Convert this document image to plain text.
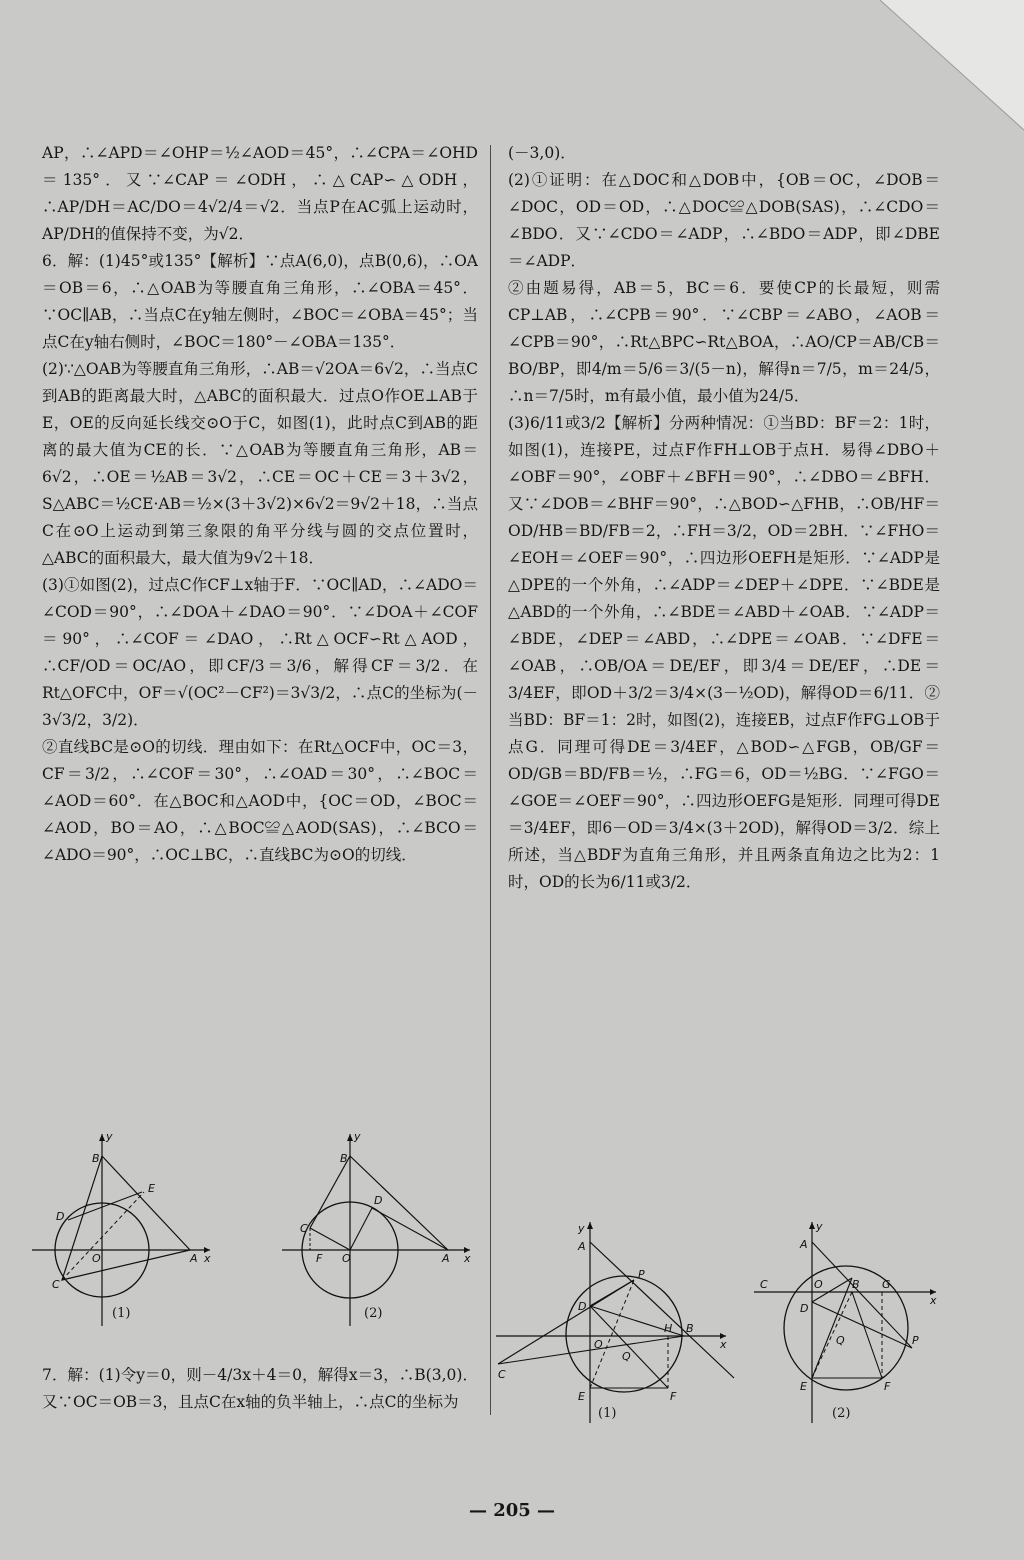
AP，∴∠APD＝∠OHP＝½∠AOD＝45°，∴∠CPA＝∠OHD＝135°．又∵∠CAP＝∠ODH，∴△CAP∽△ODH，∴AP/DH＝AC/DO＝4√2/4＝√2．当点P在AC弧上运动时，AP/DH的值保持不变，为√2．

6．解：(1)45°或135°【解析】∵点A(6,0)，点B(0,6)，∴OA＝OB＝6，∴△OAB为等腰直角三角形，∴∠OBA＝45°．∵OC∥AB，∴当点C在y轴左侧时，∠BOC＝∠OBA＝45°；当点C在y轴右侧时，∠BOC＝180°－∠OBA＝135°．

(2)∵△OAB为等腰直角三角形，∴AB＝√2OA＝6√2，∴当点C到AB的距离最大时，△ABC的面积最大．过点O作OE⊥AB于E，OE的反向延长线交⊙O于C，如图(1)，此时点C到AB的距离的最大值为CE的长．∵△OAB为等腰直角三角形，AB＝6√2，∴OE＝½AB＝3√2，∴CE＝OC＋CE＝3＋3√2，S△ABC＝½CE·AB＝½×(3＋3√2)×6√2＝9√2＋18，∴当点C在⊙O上运动到第三象限的角平分线与圆的交点位置时，△ABC的面积最大，最大值为9√2＋18．

(3)①如图(2)，过点C作CF⊥x轴于F．∵OC∥AD，∴∠ADO＝∠COD＝90°，∴∠DOA＋∠DAO＝90°．∵∠DOA＋∠COF＝90°，∴∠COF＝∠DAO，∴Rt△OCF∽Rt△AOD，∴CF/OD＝OC/AO，即CF/3＝3/6，解得CF＝3/2．在Rt△OFC中，OF＝√(OC²－CF²)＝3√3/2，∴点C的坐标为(－3√3/2，3/2)．

②直线BC是⊙O的切线．理由如下：在Rt△OCF中，OC＝3，CF＝3/2，∴∠COF＝30°，∴∠OAD＝30°，∴∠BOC＝∠AOD＝60°．在△BOC和△AOD中，{OC＝OD，∠BOC＝∠AOD，BO＝AO，∴△BOC≌△AOD(SAS)，∴∠BCO＝∠ADO＝90°，∴OC⊥BC，∴直线BC为⊙O的切线．

y
x
B
E
D
O	A
C
(1)
y
x
B
D
C
F O	A
(2)

7．解：(1)令y＝0，则－4/3x＋4＝0，解得x＝3，∴B(3,0)．又∵OC＝OB＝3，且点C在x轴的负半轴上，∴点C的坐标为

(－3,0)．

(2)①证明：在△DOC和△DOB中，{OB＝OC，∠DOB＝∠DOC，OD＝OD，∴△DOC≌△DOB(SAS)，∴∠CDO＝∠BDO．又∵∠CDO＝∠ADP，∴∠BDO＝ADP，即∠DBE＝∠ADP．

②由题易得，AB＝5，BC＝6．要使CP的长最短，则需CP⊥AB，∴∠CPB＝90°．∵∠CBP＝∠ABO，∠AOB＝∠CPB＝90°，∴Rt△BPC∽Rt△BOA，∴AO/CP＝AB/CB＝BO/BP，即4/m＝5/6＝3/(5－n)，解得n＝7/5，m＝24/5，∴n＝7/5时，m有最小值，最小值为24/5．

(3)6/11或3/2【解析】分两种情况：①当BD：BF＝2：1时，如图(1)，连接PE，过点F作FH⊥OB于点H．易得∠DBO＋∠OBF＝90°，∠OBF＋∠BFH＝90°，∴∠DBO＝∠BFH．又∵∠DOB＝∠BHF＝90°，∴△BOD∽△FHB，∴OB/HF＝OD/HB＝BD/FB＝2，∴FH＝3/2，OD＝2BH．∵∠FHO＝∠EOH＝∠OEF＝90°，∴四边形OEFH是矩形．∵∠ADP是△DPE的一个外角，∴∠ADP＝∠DEP＋∠DPE．∵∠BDE是△ABD的一个外角，∴∠BDE＝∠ABD＋∠OAB．∵∠ADP＝∠BDE，∠DEP＝∠ABD，∴∠DPE＝∠OAB．∵∠DFE＝∠OAB，∴OB/OA＝DE/EF，即3/4＝DE/EF，∴DE＝3/4EF，即OD＋3/2＝3/4×(3－½OD)，解得OD＝6/11．②当BD：BF＝1：2时，如图(2)，连接EB，过点F作FG⊥OB于点G．同理可得DE＝3/4EF，△BOD∽△FGB，OB/GF＝OD/GB＝BD/FB＝½，∴FG＝6，OD＝½BG．∵∠FGO＝∠GOE＝∠OEF＝90°，∴四边形OEFG是矩形．同理可得DE＝3/4EF，即6－OD＝3/4×(3＋2OD)，解得OD＝3/2．综上所述，当△BDF为直角三角形，并且两条直角边之比为2：1时，OD的长为6/11或3/2．

y
x
A
P
D
O
H B
Q
C
E	F
(1)
y
x
A
C	O	B G
D
P
Q
E	F
(2)
— 205 —
